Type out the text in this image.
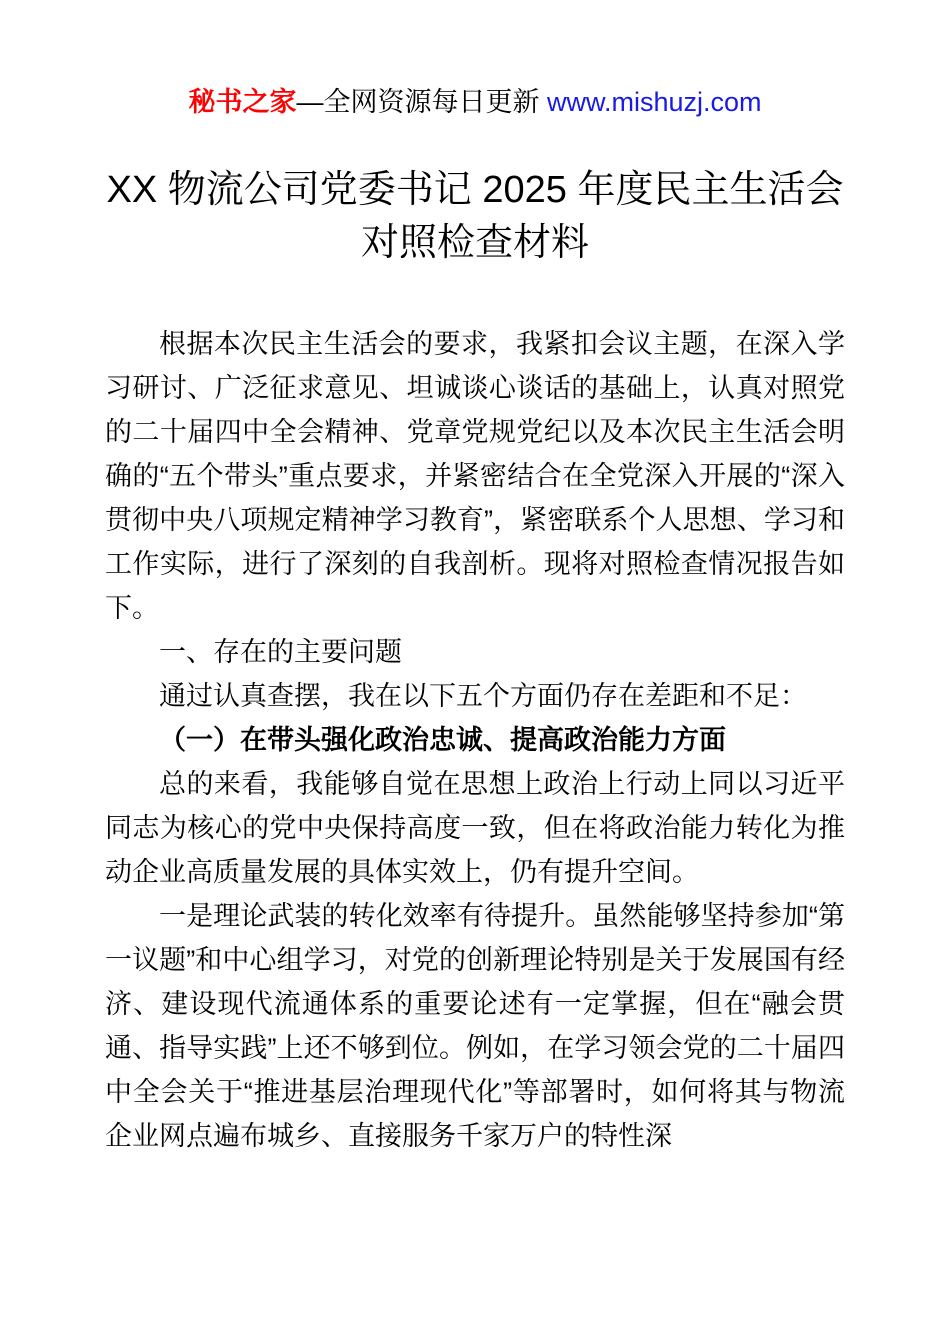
秘书之家—全网资源每日更新 www.mishuzj.com
XX 物流公司党委书记 2025 年度民主生活会
对照检查材料

根据本次民主生活会的要求，我紧扣会议主题，在深入学习研讨、广泛征求意见、坦诚谈心谈话的基础上，认真对照党的二十届四中全会精神、党章党规党纪以及本次民主生活会明确的“五个带头”重点要求，并紧密结合在全党深入开展的“深入贯彻中央八项规定精神学习教育”，紧密联系个人思想、学习和工作实际，进行了深刻的自我剖析。现将对照检查情况报告如下。

一、存在的主要问题

通过认真查摆，我在以下五个方面仍存在差距和不足：

（一）在带头强化政治忠诚、提高政治能力方面

总的来看，我能够自觉在思想上政治上行动上同以习近平同志为核心的党中央保持高度一致，但在将政治能力转化为推动企业高质量发展的具体实效上，仍有提升空间。

一是理论武装的转化效率有待提升。虽然能够坚持参加“第一议题”和中心组学习，对党的创新理论特别是关于发展国有经济、建设现代流通体系的重要论述有一定掌握，但在“融会贯通、指导实践”上还不够到位。例如，在学习领会党的二十届四中全会关于“推进基层治理现代化”等部署时，如何将其与物流企业网点遍布城乡、直接服务千家万户的特性深
